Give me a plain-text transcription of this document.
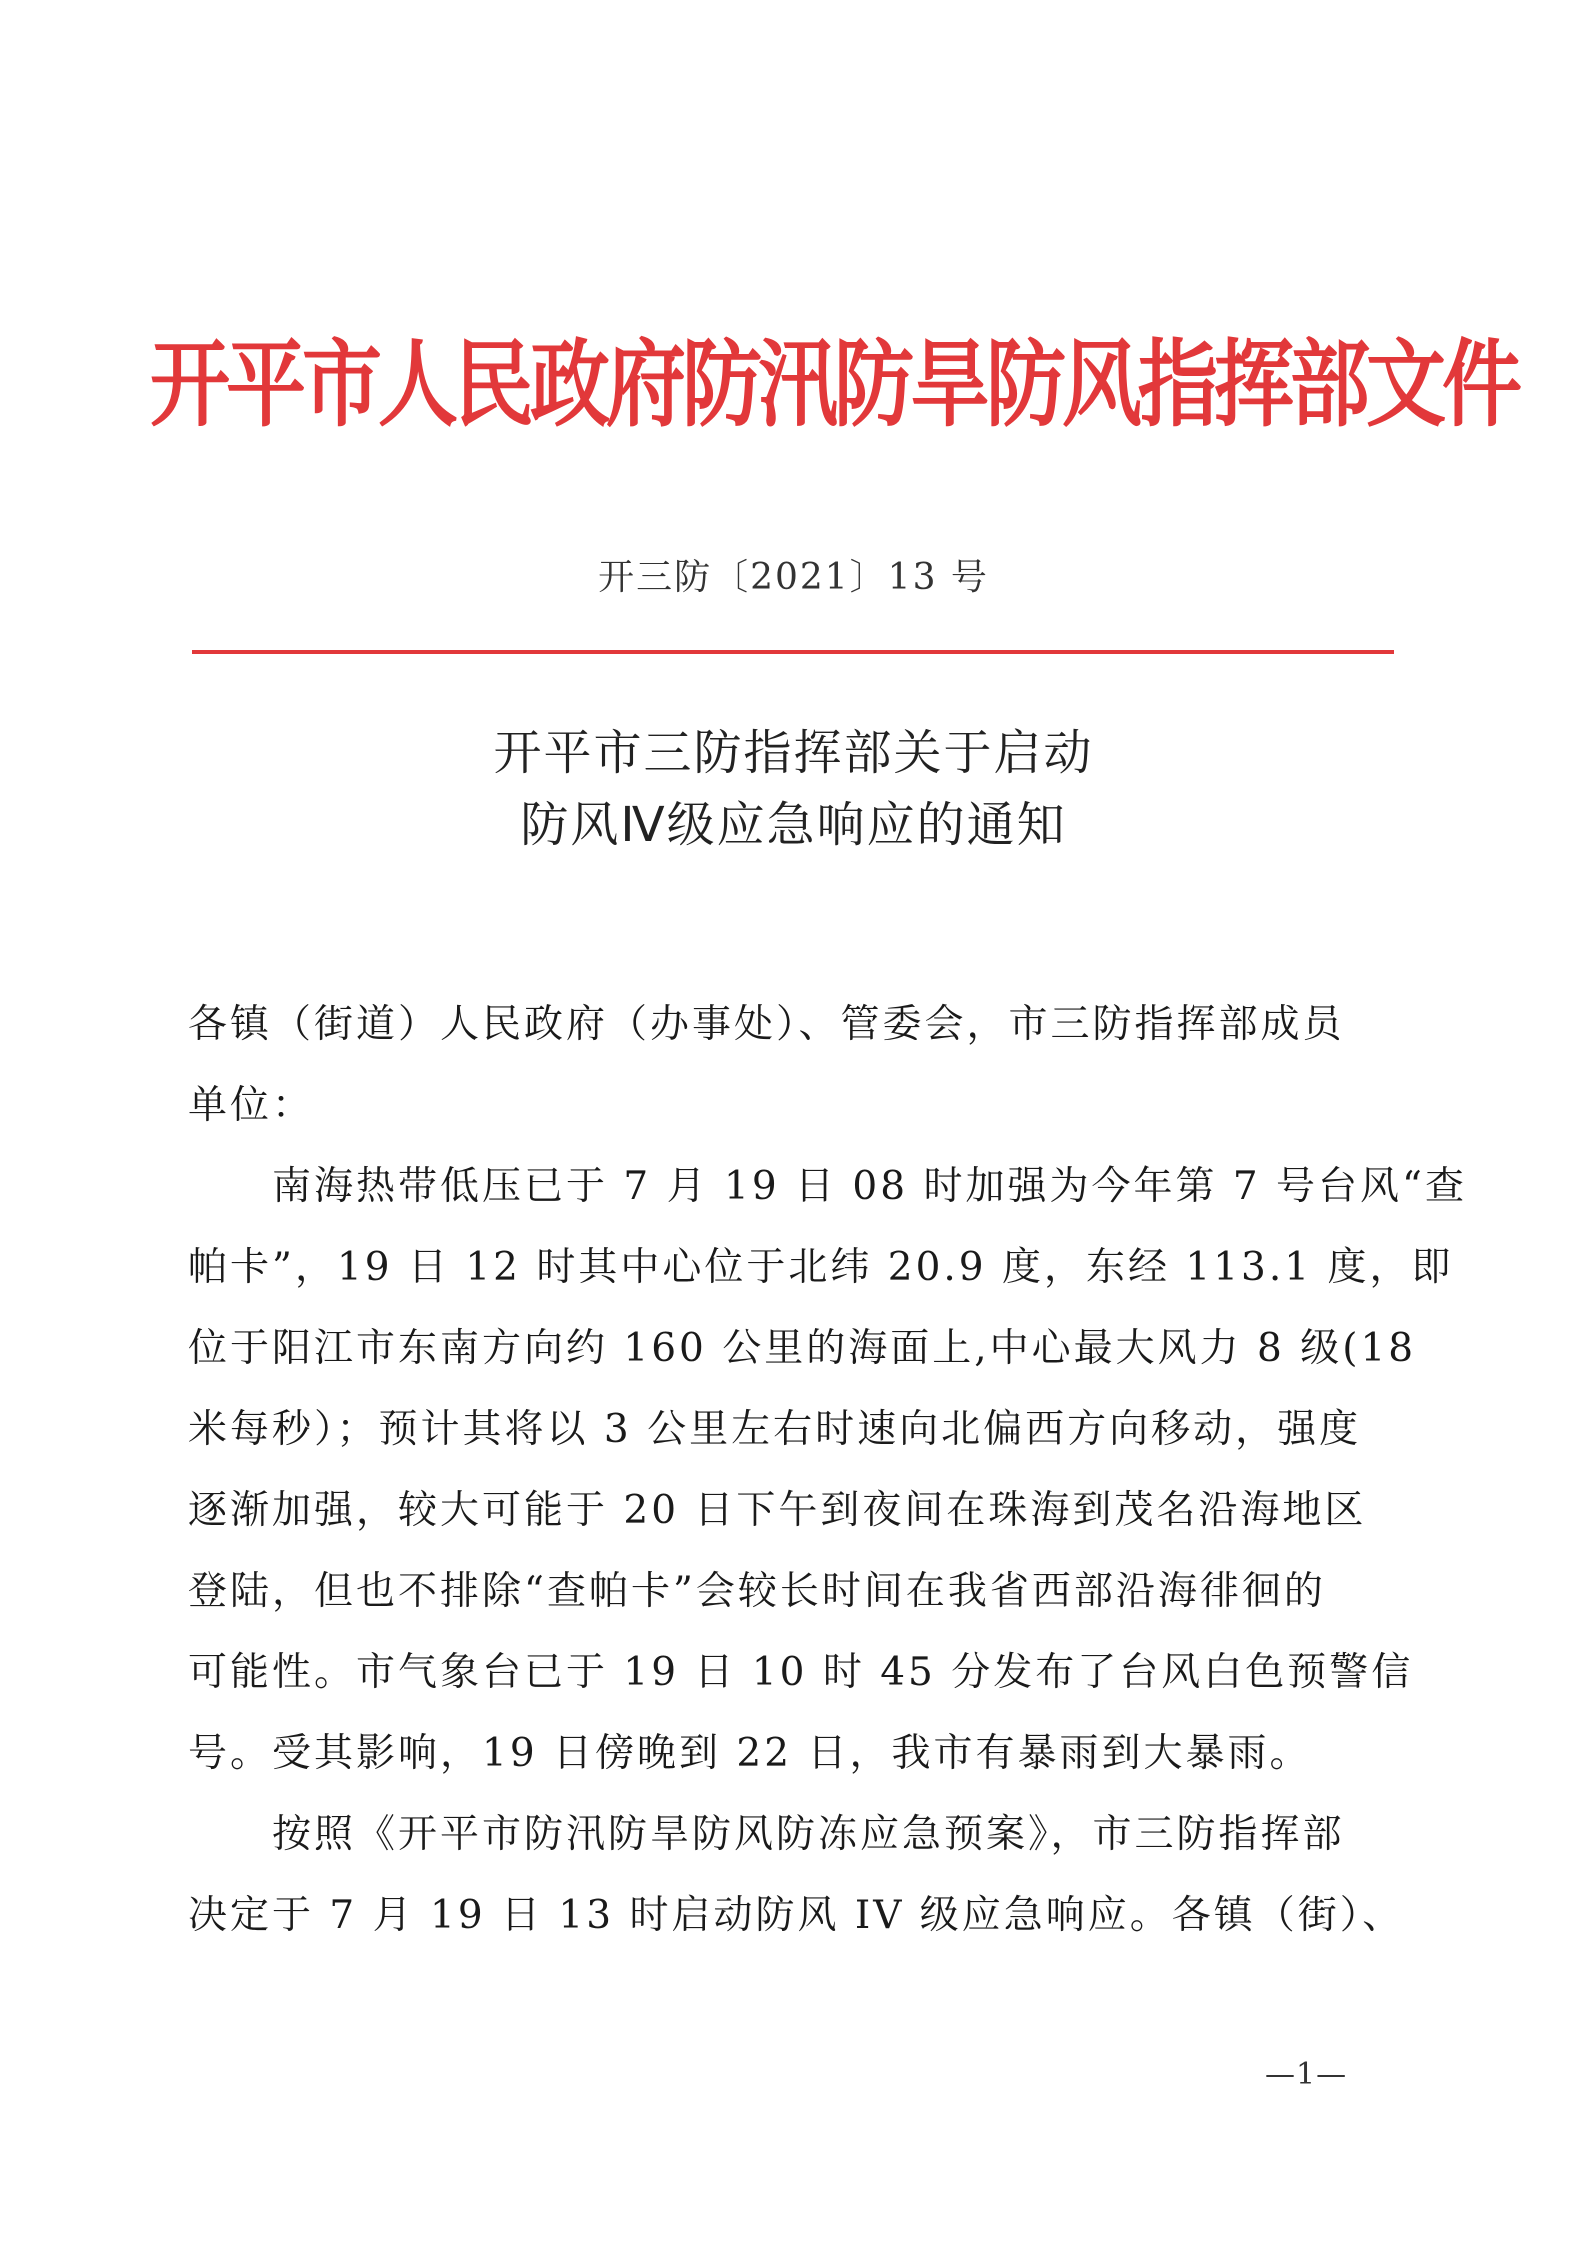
开平市人民政府防汛防旱防风指挥部文件
开三防〔2021〕13 号
开平市三防指挥部关于启动
防风Ⅳ级应急响应的通知
各镇（街道）人民政府（办事处）、管委会，市三防指挥部成员
单位：
　　南海热带低压已于 7 月 19 日 08 时加强为今年第 7 号台风“查
帕卡”，19 日 12 时其中心位于北纬 20.9 度，东经 113.1 度，即
位于阳江市东南方向约 160 公里的海面上,中心最大风力 8 级(18
米每秒）；预计其将以 3 公里左右时速向北偏西方向移动，强度
逐渐加强，较大可能于 20 日下午到夜间在珠海到茂名沿海地区
登陆，但也不排除“查帕卡”会较长时间在我省西部沿海徘徊的
可能性。市气象台已于 19 日 10 时 45 分发布了台风白色预警信
号。受其影响，19 日傍晚到 22 日，我市有暴雨到大暴雨。
　　按照《开平市防汛防旱防风防冻应急预案》，市三防指挥部
决定于 7 月 19 日 13 时启动防风 IV 级应急响应。各镇（街）、
—1—
